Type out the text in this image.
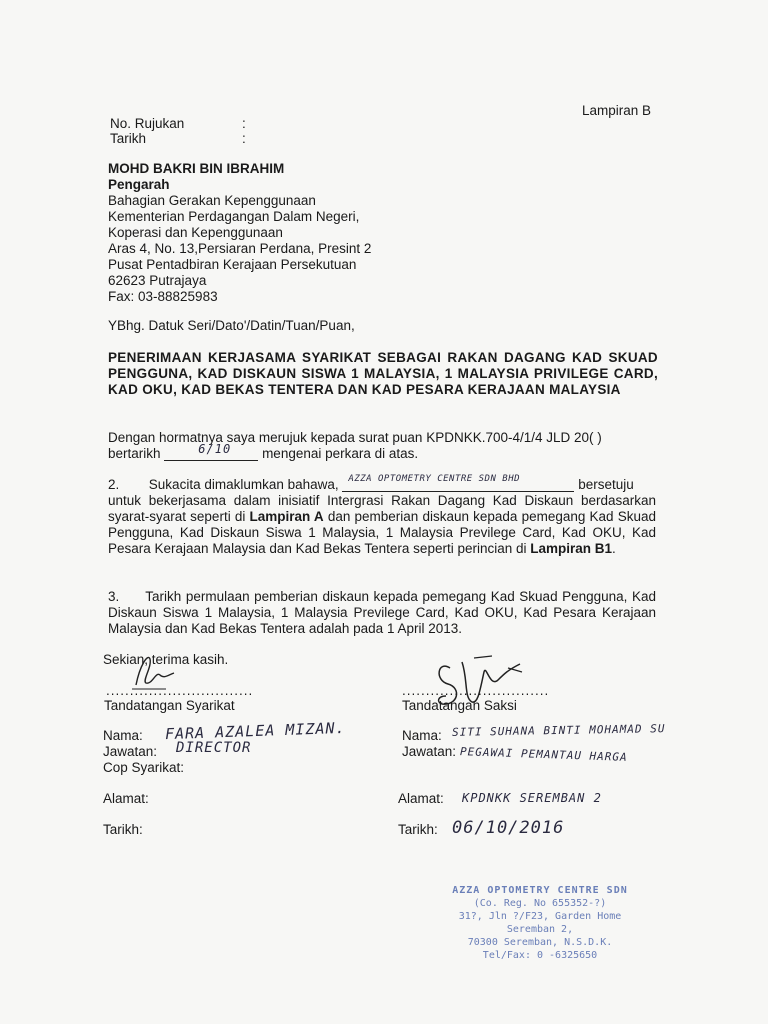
Lampiran B
No. Rujukan	:
Tarikh	:
MOHD BAKRI BIN IBRAHIM
Pengarah
Bahagian Gerakan Kepenggunaan
Kementerian Perdagangan Dalam Negeri,
Koperasi dan Kepenggunaan
Aras 4, No. 13,Persiaran Perdana, Presint 2
Pusat Pentadbiran Kerajaan Persekutuan
62623 Putrajaya
Fax: 03-88825983
YBhg. Datuk Seri/Dato'/Datin/Tuan/Puan,
PENERIMAAN KERJASAMA SYARIKAT SEBAGAI RAKAN DAGANG KAD SKUAD PENGGUNA, KAD DISKAUN SISWA 1 MALAYSIA, 1 MALAYSIA PRIVILEGE CARD, KAD OKU, KAD BEKAS TENTERA DAN KAD PESARA KERAJAAN MALAYSIA
Dengan hormatnya saya merujuk kepada surat puan KPDNKK.700-4/1/4 JLD 20( )
bertarikh	6/10 mengenai perkara di atas.
2. Sukacita dimaklumkan bahawa, AZZA OPTOMETRY CENTRE SDN BHD	bersetuju
untuk bekerjasama dalam inisiatif Intergrasi Rakan Dagang Kad Diskaun berdasarkan syarat-syarat seperti di Lampiran A dan pemberian diskaun kepada pemegang Kad Skuad Pengguna, Kad Diskaun Siswa 1 Malaysia, 1 Malaysia Previlege Card, Kad OKU, Kad Pesara Kerajaan Malaysia dan Kad Bekas Tentera seperti perincian di Lampiran B1.
3. Tarikh permulaan pemberian diskaun kepada pemegang Kad Skuad Pengguna, Kad Diskaun Siswa 1 Malaysia, 1 Malaysia Previlege Card, Kad OKU, Kad Pesara Kerajaan Malaysia dan Kad Bekas Tentera adalah pada 1 April 2013.
Sekian, terima kasih.
...............................
Tandatangan Syarikat
Nama: FARA AZALEA MIZAN.
Jawatan: DIRECTOR
Cop Syarikat:
Alamat:
Tarikh:
...............................
Tandatangan Saksi
Nama: SITI SUHANA BINTI MOHAMAD SU
Jawatan: PEGAWAI PEMANTAU HARGA
Alamat: KPDNKK SEREMBAN 2
Tarikh: 06/10/2016
AZZA OPTOMETRY CENTRE SDN
(Co. Reg. No 655352-?)
31?, Jln ?/F23, Garden Home
Seremban 2,
70300 Seremban, N.S.D.K.
Tel/Fax: 0 -6325650
